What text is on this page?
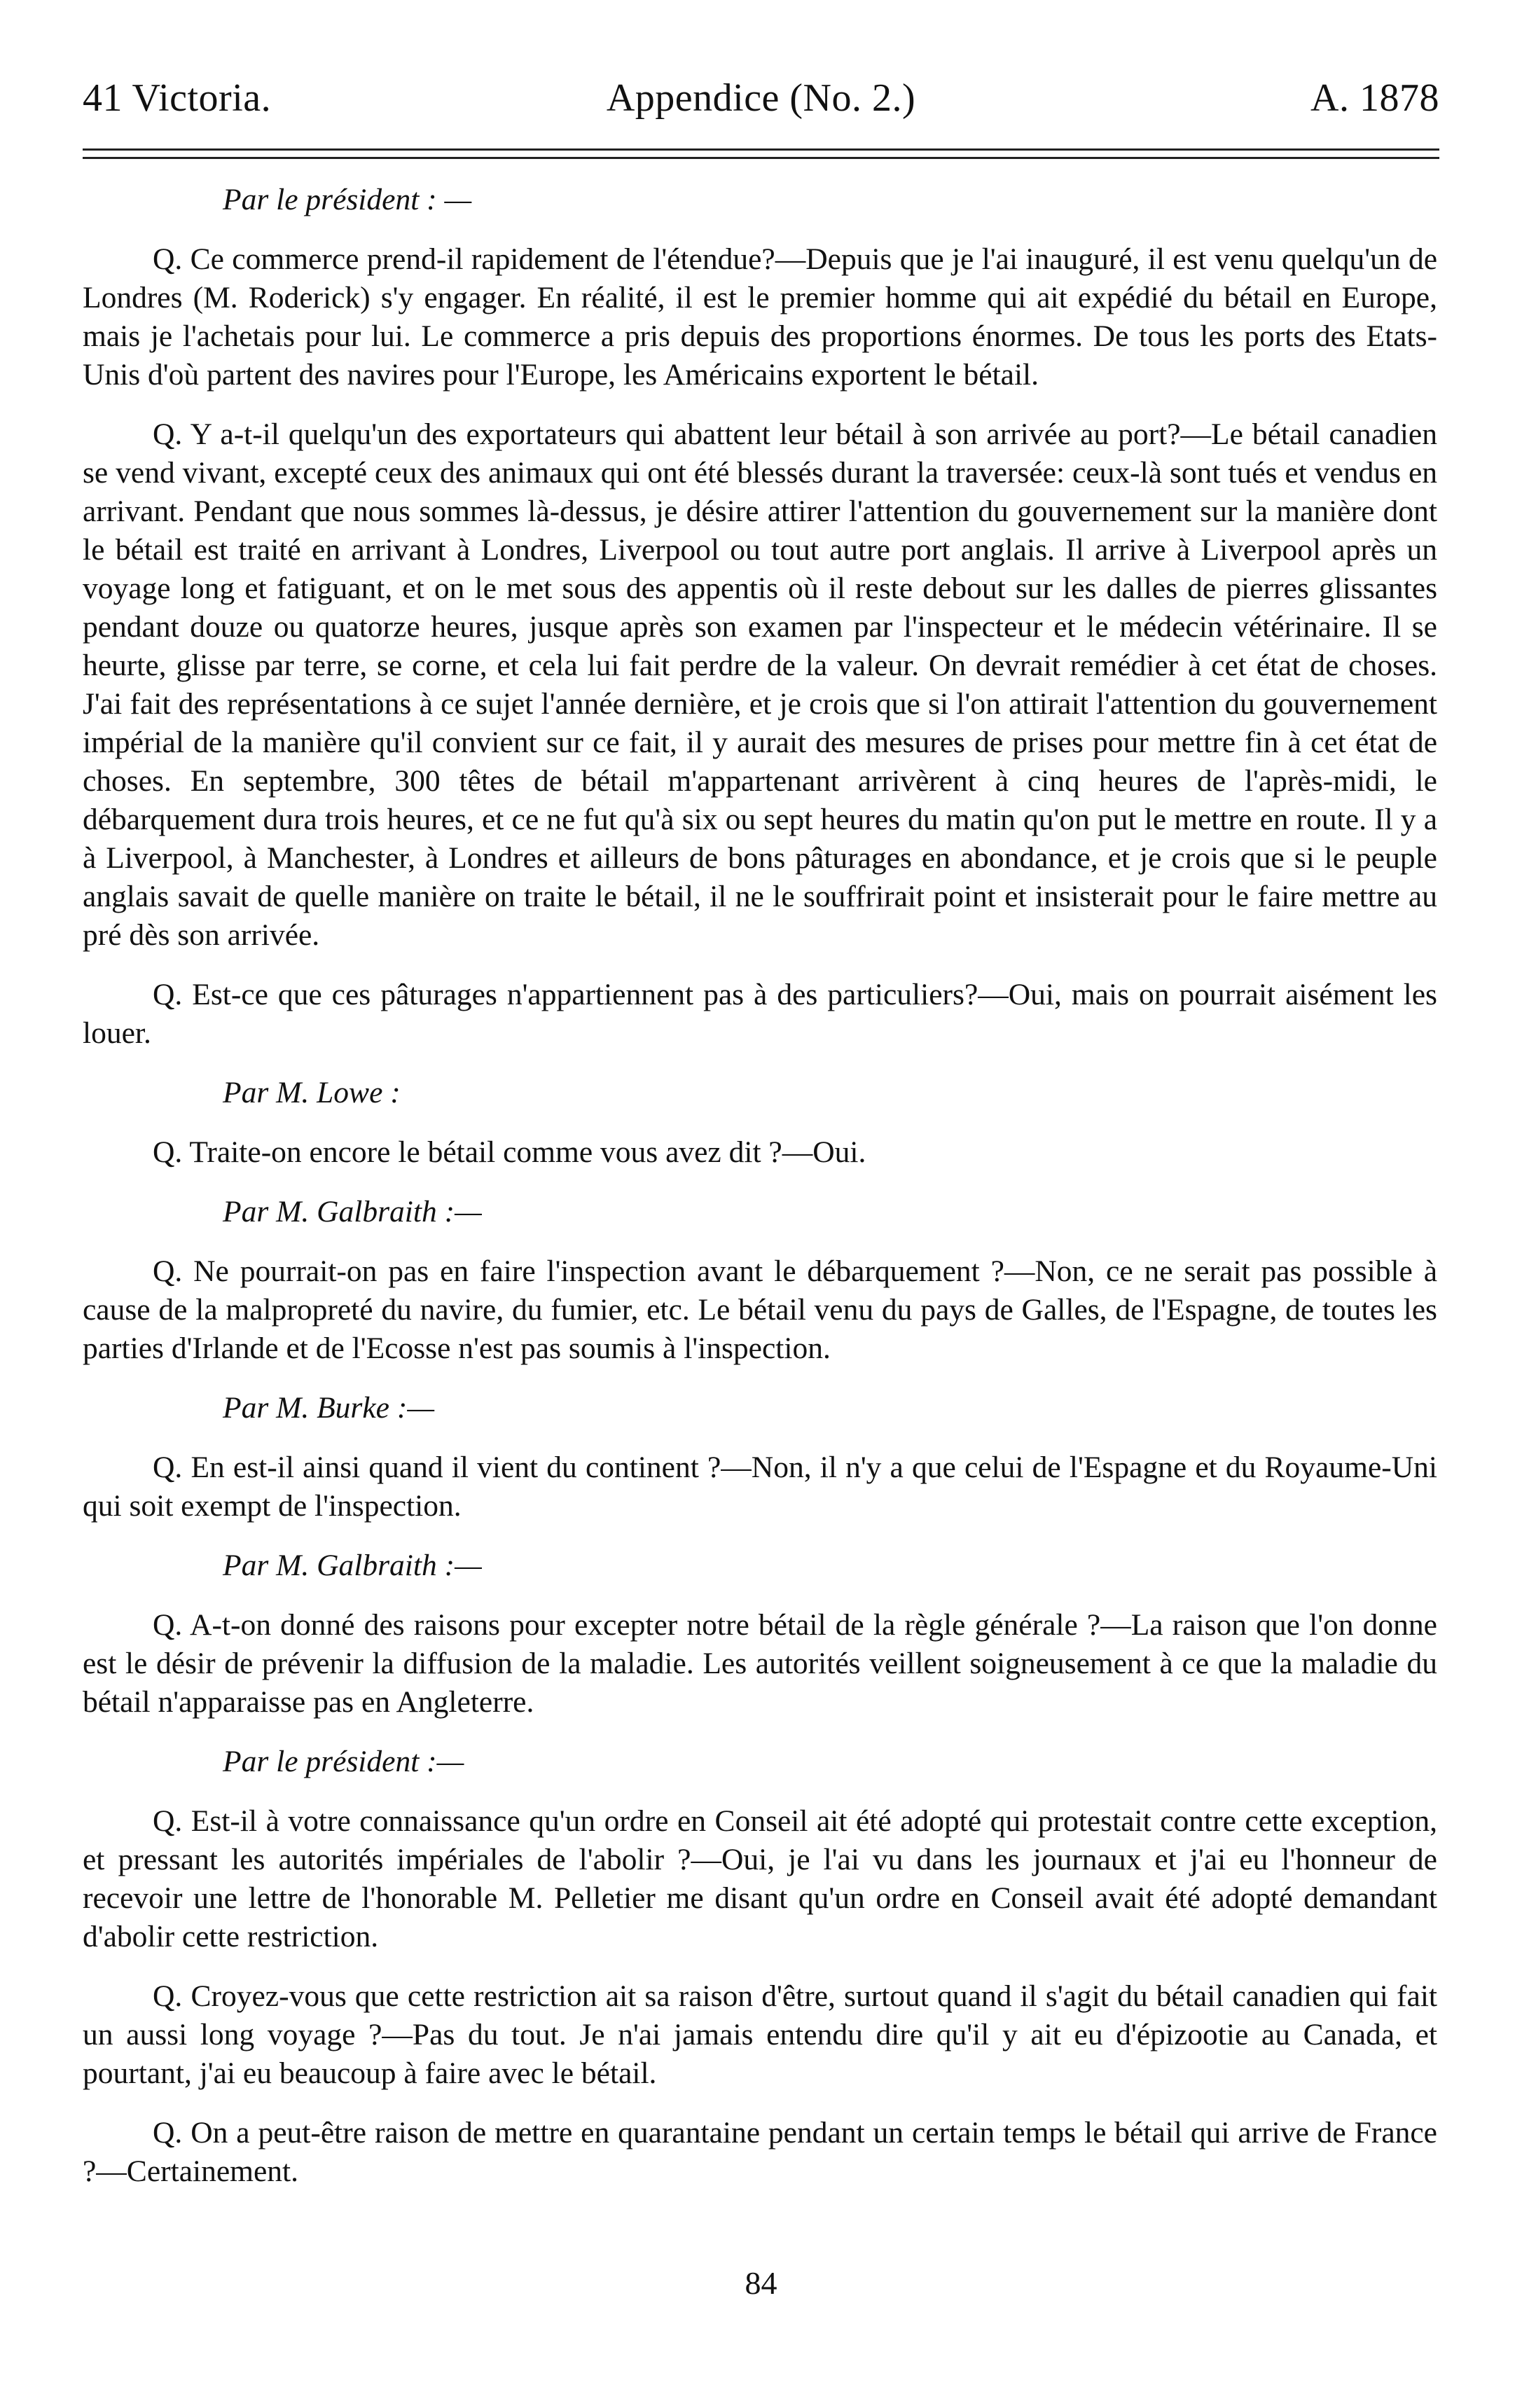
41 Victoria.	Appendice (No. 2.)	A. 1878

Par le président : —

Q. Ce commerce prend-il rapidement de l'étendue?—Depuis que je l'ai inauguré, il est venu quelqu'un de Londres (M. Roderick) s'y engager. En réalité, il est le premier homme qui ait expédié du bétail en Europe, mais je l'achetais pour lui. Le commerce a pris depuis des proportions énormes. De tous les ports des Etats-Unis d'où partent des navires pour l'Europe, les Américains exportent le bétail.

Q. Y a-t-il quelqu'un des exportateurs qui abattent leur bétail à son arrivée au port?—Le bétail canadien se vend vivant, excepté ceux des animaux qui ont été blessés durant la traversée: ceux-là sont tués et vendus en arrivant. Pendant que nous sommes là-dessus, je désire attirer l'attention du gouvernement sur la manière dont le bétail est traité en arrivant à Londres, Liverpool ou tout autre port anglais. Il arrive à Liverpool après un voyage long et fatiguant, et on le met sous des appentis où il reste debout sur les dalles de pierres glissantes pendant douze ou quatorze heures, jusque après son examen par l'inspecteur et le médecin vétérinaire. Il se heurte, glisse par terre, se corne, et cela lui fait perdre de la valeur. On devrait remédier à cet état de choses. J'ai fait des représentations à ce sujet l'année dernière, et je crois que si l'on attirait l'attention du gouvernement impérial de la manière qu'il convient sur ce fait, il y aurait des mesures de prises pour mettre fin à cet état de choses. En septembre, 300 têtes de bétail m'appartenant arrivèrent à cinq heures de l'après-midi, le débarquement dura trois heures, et ce ne fut qu'à six ou sept heures du matin qu'on put le mettre en route. Il y a à Liverpool, à Manchester, à Londres et ailleurs de bons pâturages en abondance, et je crois que si le peuple anglais savait de quelle manière on traite le bétail, il ne le souffrirait point et insisterait pour le faire mettre au pré dès son arrivée.

Q. Est-ce que ces pâturages n'appartiennent pas à des particuliers?—Oui, mais on pourrait aisément les louer.

Par M. Lowe :

Q. Traite-on encore le bétail comme vous avez dit ?—Oui.

Par M. Galbraith :—

Q. Ne pourrait-on pas en faire l'inspection avant le débarquement ?—Non, ce ne serait pas possible à cause de la malpropreté du navire, du fumier, etc. Le bétail venu du pays de Galles, de l'Espagne, de toutes les parties d'Irlande et de l'Ecosse n'est pas soumis à l'inspection.

Par M. Burke :—

Q. En est-il ainsi quand il vient du continent ?—Non, il n'y a que celui de l'Espagne et du Royaume-Uni qui soit exempt de l'inspection.

Par M. Galbraith :—

Q. A-t-on donné des raisons pour excepter notre bétail de la règle générale ?—La raison que l'on donne est le désir de prévenir la diffusion de la maladie. Les autorités veillent soigneusement à ce que la maladie du bétail n'apparaisse pas en Angleterre.

Par le président :—

Q. Est-il à votre connaissance qu'un ordre en Conseil ait été adopté qui protestait contre cette exception, et pressant les autorités impériales de l'abolir ?—Oui, je l'ai vu dans les journaux et j'ai eu l'honneur de recevoir une lettre de l'honorable M. Pelletier me disant qu'un ordre en Conseil avait été adopté demandant d'abolir cette restriction.

Q. Croyez-vous que cette restriction ait sa raison d'être, surtout quand il s'agit du bétail canadien qui fait un aussi long voyage ?—Pas du tout. Je n'ai jamais entendu dire qu'il y ait eu d'épizootie au Canada, et pourtant, j'ai eu beaucoup à faire avec le bétail.

Q. On a peut-être raison de mettre en quarantaine pendant un certain temps le bétail qui arrive de France ?—Certainement.

84
